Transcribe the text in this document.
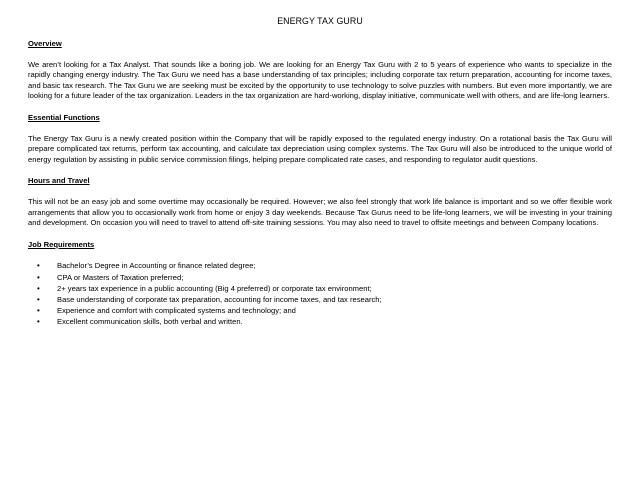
ENERGY TAX GURU
Overview

We aren’t looking for a Tax Analyst. That sounds like a boring job. We are looking for an Energy Tax Guru with 2 to 5 years of experience who wants to specialize in the rapidly changing energy industry. The Tax Guru we need has a base understanding of tax principles; including corporate tax return preparation, accounting for income taxes, and basic tax research. The Tax Guru we are seeking must be excited by the opportunity to use technology to solve puzzles with numbers. But even more importantly, we are looking for a future leader of the tax organization. Leaders in the tax organization are hard-working, display initiative, communicate well with others, and are life-long learners.

Essential Functions

The Energy Tax Guru is a newly created position within the Company that will be rapidly exposed to the regulated energy industry. On a rotational basis the Tax Guru will prepare complicated tax returns, perform tax accounting, and calculate tax depreciation using complex systems. The Tax Guru will also be introduced to the unique world of energy regulation by assisting in public service commission filings, helping prepare complicated rate cases, and responding to regulator audit questions.

Hours and Travel

This will not be an easy job and some overtime may occasionally be required. However; we also feel strongly that work life balance is important and so we offer flexible work arrangements that allow you to occasionally work from home or enjoy 3 day weekends. Because Tax Gurus need to be life-long learners, we will be investing in your training and development. On occasion you will need to travel to attend off-site training sessions. You may also need to travel to offsite meetings and between Company locations.

Job Requirements
• Bachelor’s Degree in Accounting or finance related degree;
• CPA or Masters of Taxation preferred;
• 2+ years tax experience in a public accounting (Big 4 preferred) or corporate tax environment;
• Base understanding of corporate tax preparation, accounting for income taxes, and tax research;
• Experience and comfort with complicated systems and technology; and
• Excellent communication skills, both verbal and written.
